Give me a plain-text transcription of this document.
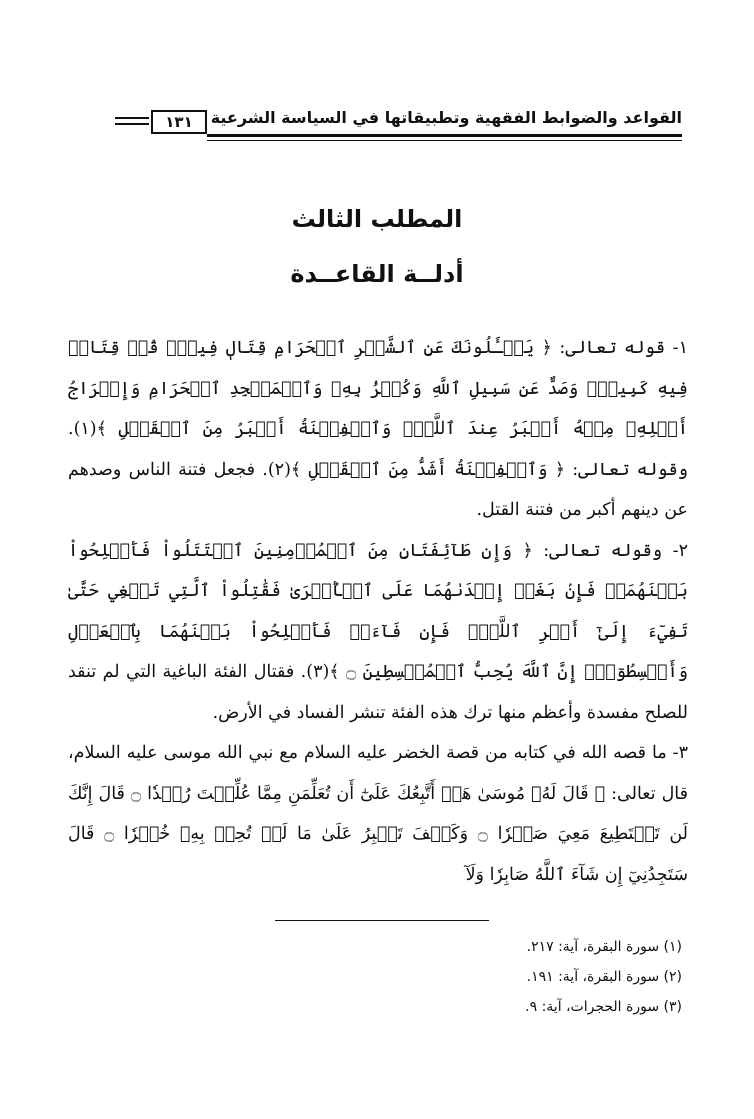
القواعد والضوابط الفقهية وتطبيقاتها في السياسة الشرعية
١٣١
المطلب الثالث
أدلــة القاعــدة

١- قوله تعالى: ﴿ يَسۡـَٔلُونَكَ عَنِ ٱلشَّهۡرِ ٱلۡحَرَامِ قِتَالٖ فِيهِۖ قُلۡ قِتَالٞ فِيهِ كَبِيرٞۚ وَصَدٌّ عَن سَبِيلِ ٱللَّهِ وَكُفۡرُۢ بِهِۦ وَٱلۡمَسۡجِدِ ٱلۡحَرَامِ وَإِخۡرَاجُ أَهۡلِهِۦ مِنۡهُ أَكۡبَرُ عِندَ ٱللَّهِۚ وَٱلۡفِتۡنَةُ أَكۡبَرُ مِنَ ٱلۡقَتۡلِ ﴾(١). وقوله تعالى: ﴿ وَٱلۡفِتۡنَةُ أَشَدُّ مِنَ ٱلۡقَتۡلِ ﴾(٢). فجعل فتنة الناس وصدهم عن دينهم أكبر من فتنة القتل.

٢- وقوله تعالى: ﴿ وَإِن طَآئِفَتَانِ مِنَ ٱلۡمُؤۡمِنِينَ ٱقۡتَتَلُواْ فَأَصۡلِحُواْ بَيۡنَهُمَاۖ فَإِنۢ بَغَتۡ إِحۡدَىٰهُمَا عَلَى ٱلۡأُخۡرَىٰ فَقَٰتِلُواْ ٱلَّتِي تَبۡغِي حَتَّىٰ تَفِيٓءَ إِلَىٰٓ أَمۡرِ ٱللَّهِۚ فَإِن فَآءَتۡ فَأَصۡلِحُواْ بَيۡنَهُمَا بِٱلۡعَدۡلِ وَأَقۡسِطُوٓاْۖ إِنَّ ٱللَّهَ يُحِبُّ ٱلۡمُقۡسِطِينَ ۝ ﴾(٣). فقتال الفئة الباغية التي لم تنقد للصلح مفسدة وأعظم منها ترك هذه الفئة تنشر الفساد في الأرض.

٣- ما قصه الله في كتابه من قصة الخضر عليه السلام مع نبي الله موسى عليه السلام، قال تعالى: ﴿ قَالَ لَهُۥ مُوسَىٰ هَلۡ أَتَّبِعُكَ عَلَىٰٓ أَن تُعَلِّمَنِ مِمَّا عُلِّمۡتَ رُشۡدٗا ۝ قَالَ إِنَّكَ لَن تَسۡتَطِيعَ مَعِيَ صَبۡرٗا ۝ وَكَيۡفَ تَصۡبِرُ عَلَىٰ مَا لَمۡ تُحِطۡ بِهِۦ خُبۡرٗا ۝ قَالَ سَتَجِدُنِيٓ إِن شَآءَ ٱللَّهُ صَابِرٗا وَلَآ

(١) سورة البقرة، آية: ٢١٧.
(٢) سورة البقرة، آية: ١٩١.
(٣) سورة الحجرات، آية: ٩.
